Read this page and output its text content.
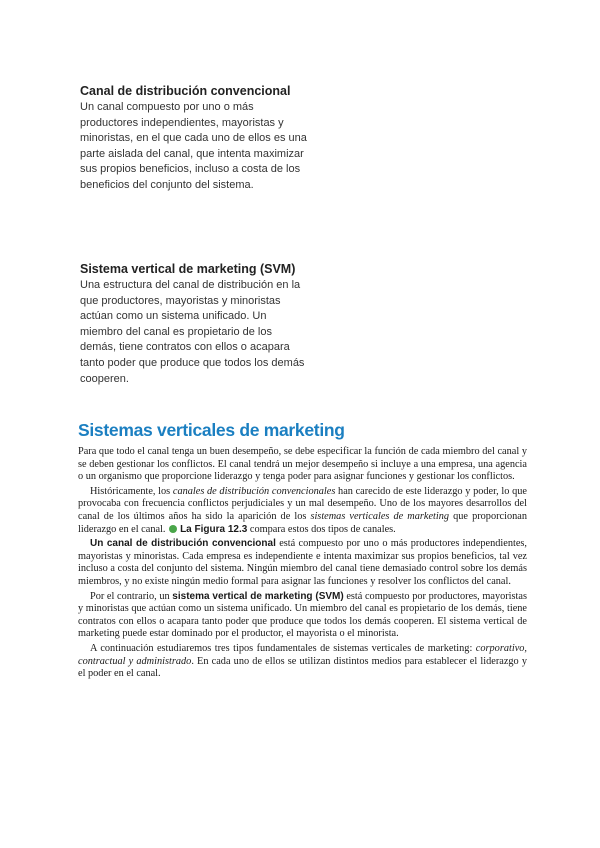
Canal de distribución convencional
Un canal compuesto por uno o más productores independientes, mayoristas y minoristas, en el que cada uno de ellos es una parte aislada del canal, que intenta maximizar sus propios beneficios, incluso a costa de los beneficios del conjunto del sistema.
Sistema vertical de marketing (SVM)
Una estructura del canal de distribución en la que productores, mayoristas y minoristas actúan como un sistema unificado. Un miembro del canal es propietario de los demás, tiene contratos con ellos o acapara tanto poder que produce que todos los demás cooperen.
Sistemas verticales de marketing

Para que todo el canal tenga un buen desempeño, se debe especificar la función de cada miembro del canal y se deben gestionar los conflictos. El canal tendrá un mejor desempeño si incluye a una empresa, una agencia o un organismo que proporcione liderazgo y tenga poder para asignar funciones y gestionar los conflictos.

Históricamente, los canales de distribución convencionales han carecido de este liderazgo y poder, lo que provocaba con frecuencia conflictos perjudiciales y un mal desempeño. Uno de los mayores desarrollos del canal de los últimos años ha sido la aparición de los sistemas verticales de marketing que proporcionan liderazgo en el canal. La Figura 12.3 compara estos dos tipos de canales.

Un canal de distribución convencional está compuesto por uno o más productores independientes, mayoristas y minoristas. Cada empresa es independiente e intenta maximizar sus propios beneficios, tal vez incluso a costa del conjunto del sistema. Ningún miembro del canal tiene demasiado control sobre los demás miembros, y no existe ningún medio formal para asignar las funciones y resolver los conflictos del canal.

Por el contrario, un sistema vertical de marketing (SVM) está compuesto por productores, mayoristas y minoristas que actúan como un sistema unificado. Un miembro del canal es propietario de los demás, tiene contratos con ellos o acapara tanto poder que produce que todos los demás cooperen. El sistema vertical de marketing puede estar dominado por el productor, el mayorista o el minorista.

A continuación estudiaremos tres tipos fundamentales de sistemas verticales de marketing: corporativo, contractual y administrado. En cada uno de ellos se utilizan distintos medios para establecer el liderazgo y el poder en el canal.
